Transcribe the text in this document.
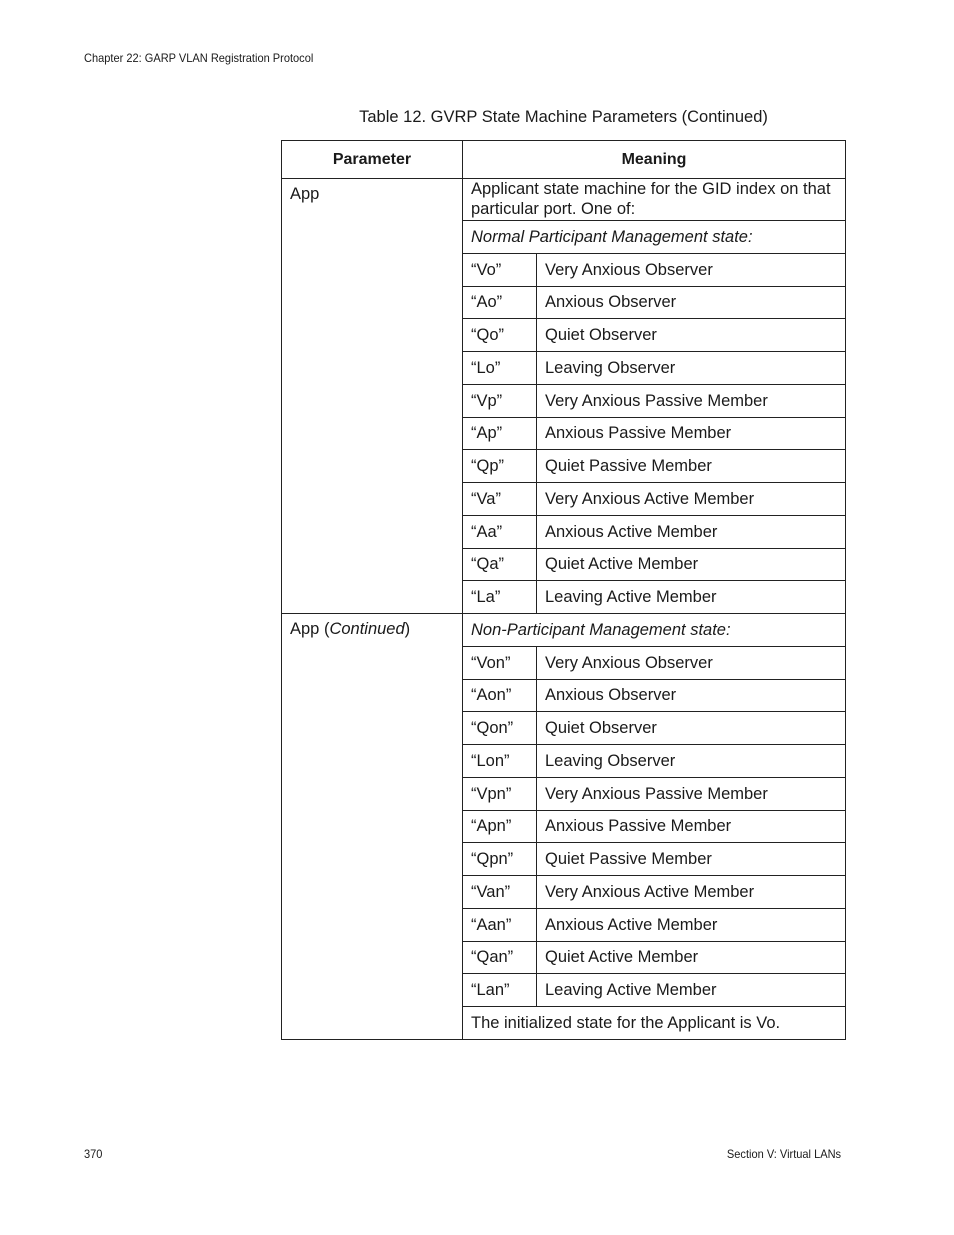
Chapter 22: GARP VLAN Registration Protocol
Table 12. GVRP State Machine Parameters (Continued)
Parameter	Meaning	
App	Applicant state machine for the GID index on that particular port. One of:	
	Normal Participant Management state:	
	“Vo”	Very Anxious Observer
	“Ao”	Anxious Observer
	“Qo”	Quiet Observer
	“Lo”	Leaving Observer
	“Vp”	Very Anxious Passive Member
	“Ap”	Anxious Passive Member
	“Qp”	Quiet Passive Member
	“Va”	Very Anxious Active Member
	“Aa”	Anxious Active Member
	“Qa”	Quiet Active Member
	“La”	Leaving Active Member
App (Continued)	Non-Participant Management state:	
	“Von”	Very Anxious Observer
	“Aon”	Anxious Observer
	“Qon”	Quiet Observer
	“Lon”	Leaving Observer
	“Vpn”	Very Anxious Passive Member
	“Apn”	Anxious Passive Member
	“Qpn”	Quiet Passive Member
	“Van”	Very Anxious Active Member
	“Aan”	Anxious Active Member
	“Qan”	Quiet Active Member
	“Lan”	Leaving Active Member
	The initialized state for the Applicant is Vo.	
370	Section V: Virtual LANs
